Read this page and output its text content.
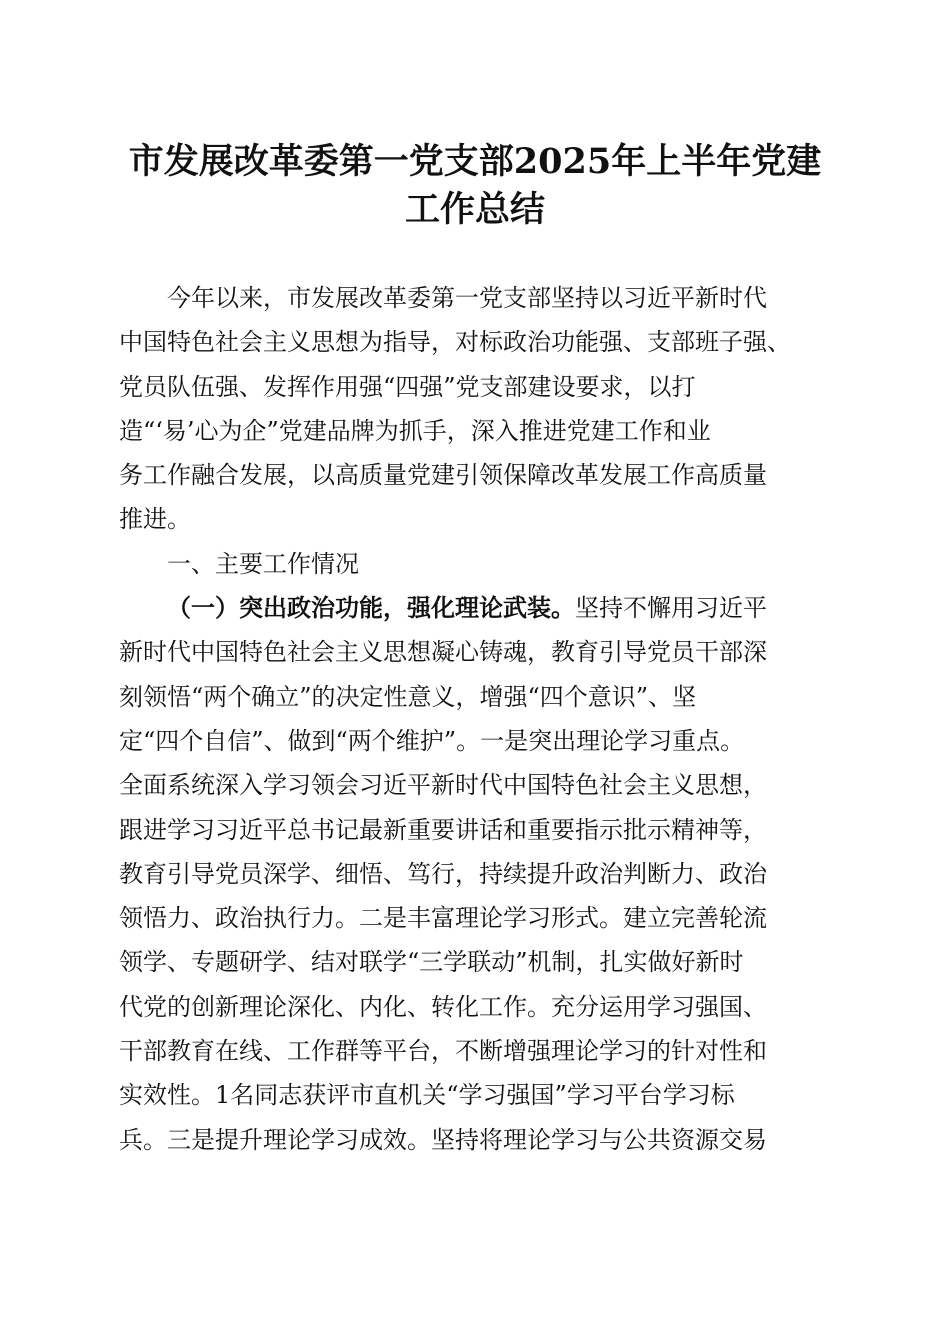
市发展改革委第一党支部2025年上半年党建
工作总结
今年以来，市发展改革委第一党支部坚持以习近平新时代
中国特色社会主义思想为指导，对标政治功能强、支部班子强、
党员队伍强、发挥作用强“四强”党支部建设要求，以打
造“‘易’心为企”党建品牌为抓手，深入推进党建工作和业
务工作融合发展，以高质量党建引领保障改革发展工作高质量
推进。
一、主要工作情况
（一）突出政治功能，强化理论武装。坚持不懈用习近平
新时代中国特色社会主义思想凝心铸魂，教育引导党员干部深
刻领悟“两个确立”的决定性意义，增强“四个意识”、坚
定“四个自信”、做到“两个维护”。一是突出理论学习重点。
全面系统深入学习领会习近平新时代中国特色社会主义思想，
跟进学习习近平总书记最新重要讲话和重要指示批示精神等，
教育引导党员深学、细悟、笃行，持续提升政治判断力、政治
领悟力、政治执行力。二是丰富理论学习形式。建立完善轮流
领学、专题研学、结对联学“三学联动”机制，扎实做好新时
代党的创新理论深化、内化、转化工作。充分运用学习强国、
干部教育在线、工作群等平台，不断增强理论学习的针对性和
实效性。1名同志获评市直机关“学习强国”学习平台学习标
兵。三是提升理论学习成效。坚持将理论学习与公共资源交易
